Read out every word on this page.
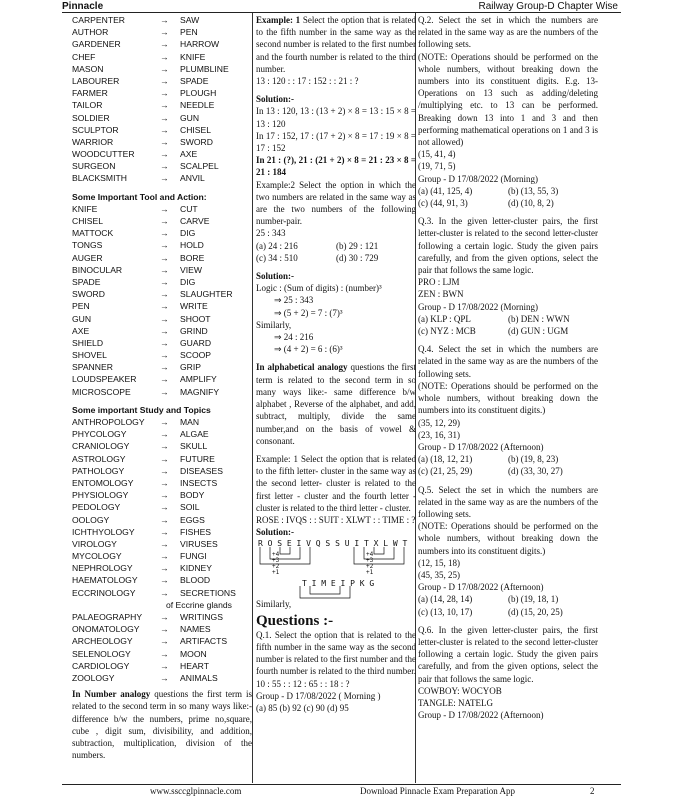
Pinnacle	Railway Group-D Chapter Wise
CARPENTER	→	SAW
AUTHOR	→	PEN
GARDENER	→	HARROW
CHEF	→	KNIFE
MASON	→	PLUMBLINE
LABOURER	→	SPADE
FARMER	→	PLOUGH
TAILOR	→	NEEDLE
SOLDIER	→	GUN
SCULPTOR	→	CHISEL
WARRIOR	→	SWORD
WOODCUTTER	→	AXE
SURGEON	→	SCALPEL
BLACKSMITH	→	ANVIL
Some Important Tool and Action:
KNIFE	→	CUT
CHISEL	→	CARVE
MATTOCK	→	DIG
TONGS	→	HOLD
AUGER	→	BORE
BINOCULAR	→	VIEW
SPADE	→	DIG
SWORD	→	SLAUGHTER
PEN	→	WRITE
GUN	→	SHOOT
AXE	→	GRIND
SHIELD	→	GUARD
SHOVEL	→	SCOOP
SPANNER	→	GRIP
LOUDSPEAKER	→	AMPLIFY
MICROSCOPE	→	MAGNIFY
Some important Study and Topics
ANTHROPOLOGY	→	MAN
PHYCOLOGY	→	ALGAE
CRANIOLOGY	→	SKULL
ASTROLOGY	→	FUTURE
PATHOLOGY	→	DISEASES
ENTOMOLOGY	→	INSECTS
PHYSIOLOGY	→	BODY
PEDOLOGY	→	SOIL
OOLOGY	→	EGGS
ICHTHYOLOGY	→	FISHES
VIROLOGY	→	VIRUSES
MYCOLOGY	→	FUNGI
NEPHROLOGY	→	KIDNEY
HAEMATOLOGY	→	BLOOD
ECCRINOLOGY	→	SECRETIONS
of Eccrine glands
PALAEOGRAPHY	→	WRITINGS
ONOMATOLOGY	→	NAMES
ARCHEOLOGY	→	ARTIFACTS
SELENOLOGY	→	MOON
CARDIOLOGY	→	HEART
ZOOLOGY	→	ANIMALS
In Number analogy questions the first term is related to the second term in so many ways like:- difference b/w the numbers, prime no,square, cube , digit sum, divisibility, and addition, subtraction, multiplication, division of the numbers.

Example: 1 Select the option that is related to the fifth number in the same way as the second number is related to the first number and the fourth number is related to the third number.

13 : 120 : : 17 : 152 : : 21 : ?

Solution:-

In 13 : 120, 13 : (13 + 2) × 8 = 13 : 15 × 8 = 13 : 120

In 17 : 152, 17 : (17 + 2) × 8 = 17 : 19 × 8 = 17 : 152

In 21 : (?), 21 : (21 + 2) × 8 = 21 : 23 × 8 = 21 : 184

Example:2 Select the option in which the two numbers are related in the same way as are the two numbers of the following number-pair.

25 : 343

(a) 24 : 216	(b) 29 : 121
(c) 34 : 510	(d) 30 : 729

Solution:-

Logic : (Sum of digits) : (number)³

⇒ 25 : 343

⇒ (5 + 2) = 7 : (7)³

Similarly,

⇒ 24 : 216

⇒ (4 + 2) = 6 : (6)³

In alphabetical analogy questions the first term is related to the second term in so many ways like:- same difference b/w alphabet , Reverse of the alphabet, and add, subtract, multiply, divide the same number,and on the basis of vowel & consonant.

Example: 1 Select the option that is related to the fifth letter- cluster in the same way as the second letter- cluster is related to the first letter - cluster and the fourth letter - cluster is related to the third letter - cluster.

ROSE : IVQS : : SUIT : XLWT : : TIME : ?

Solution:-

R O S E I V Q S S U I T X L W T
+4
+3
+2
+1
+4
+3
+2
+1
T I M E I P K G

Similarly,

Questions :-

Q.1. Select the option that is related to the fifth number in the same way as the second number is related to the first number and the fourth number is related to the third number.

10 : 55 : : 12 : 65 : : 18 : ?

Group - D 17/08/2022 ( Morning )

(a) 85 (b) 92 (c) 90 (d) 95

Q.2. Select the set in which the numbers are related in the same way as are the numbers of the following sets.

(NOTE: Operations should be performed on the whole numbers, without breaking down the numbers into its constituent digits. E.g. 13-Operations on 13 such as adding/deleting /multiplying etc. to 13 can be performed. Breaking down 13 into 1 and 3 and then performing mathematical operations on 1 and 3 is not allowed)

(15, 41, 4)

(19, 71, 5)

Group - D 17/08/2022 (Morning)

(a) (41, 125, 4)	(b) (13, 55, 3)
(c) (44, 91, 3)	(d) (10, 8, 2)

Q.3. In the given letter-cluster pairs, the first letter-cluster is related to the second letter-cluster following a certain logic. Study the given pairs carefully, and from the given options, select the pair that follows the same logic.

PRO : LJM

ZEN : BWN

Group - D 17/08/2022 (Morning)

(a) KLP : QPL	(b) DEN : WWN
(c) NYZ : MCB	(d) GUN : UGM

Q.4. Select the set in which the numbers are related in the same way as are the numbers of the following sets.

(NOTE: Operations should be performed on the whole numbers, without breaking down the numbers into its constituent digits.)

(35, 12, 29)

(23, 16, 31)

Group - D 17/08/2022 (Afternoon)

(a) (18, 12, 21)	(b) (19, 8, 23)
(c) (21, 25, 29)	(d) (33, 30, 27)

Q.5. Select the set in which the numbers are related in the same way as are the numbers of the following sets.

(NOTE: Operations should be performed on the whole numbers, without breaking down the numbers into its constituent digits.)

(12, 15, 18)

(45, 35, 25)

Group - D 17/08/2022 (Afternoon)

(a) (14, 28, 14)	(b) (19, 18, 1)
(c) (13, 10, 17)	(d) (15, 20, 25)

Q.6. In the given letter-cluster pairs, the first letter-cluster is related to the second letter-cluster following a certain logic. Study the given pairs carefully, and from the given options, select the pair that follows the same logic.

COWBOY: WOCYOB

TANGLE: NATELG

Group - D 17/08/2022 (Afternoon)

www.ssccglpinnacle.com	Download Pinnacle Exam Preparation App	2
